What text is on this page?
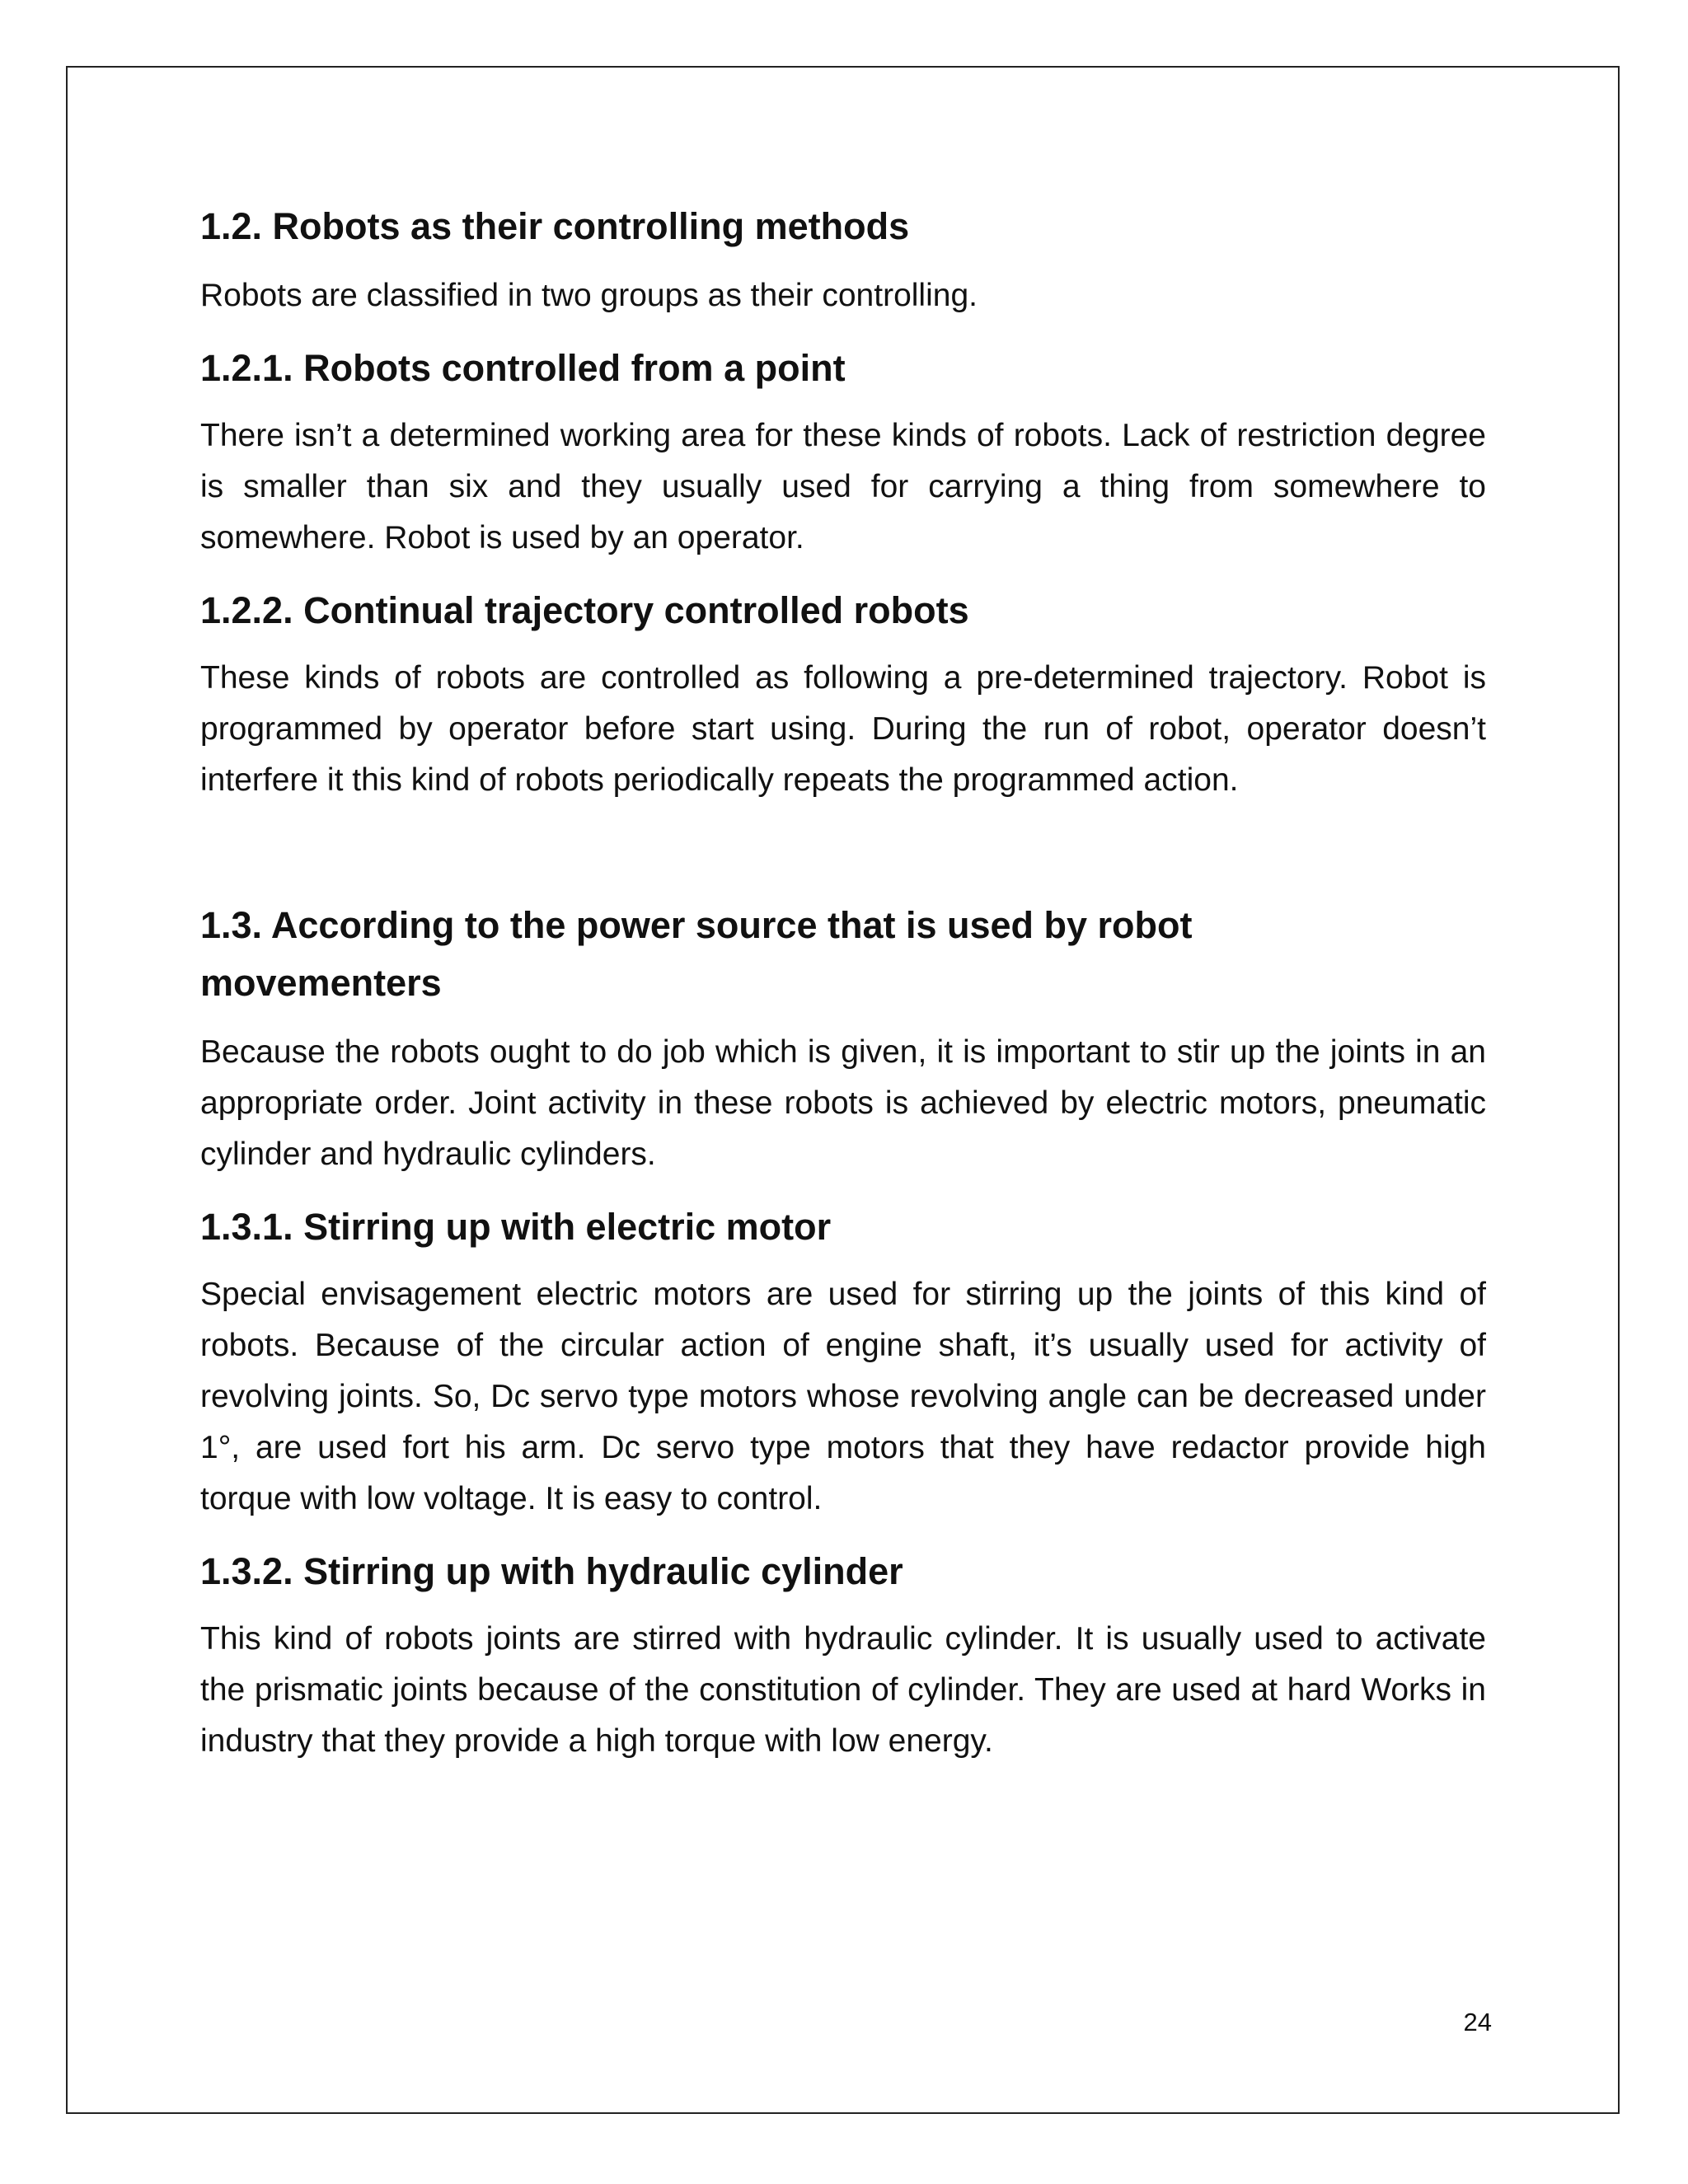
1.2. Robots as their controlling methods

Robots are classified in two groups as their controlling.

1.2.1. Robots controlled from a point

There isn’t a determined working area for these kinds of robots. Lack of restriction degree is smaller than six and they usually used for carrying a thing from somewhere to somewhere. Robot is used by an operator.

1.2.2. Continual trajectory controlled robots

These kinds of robots are controlled as following a pre-determined trajectory. Robot is programmed by operator before start using. During the run of robot, operator doesn’t interfere it this kind of robots periodically repeats the programmed action.

1.3. According to the power source that is used by robot movementers

Because the robots ought to do job which is given, it is important to stir up the joints in an appropriate order. Joint activity in these robots is achieved by electric motors, pneumatic cylinder and hydraulic cylinders.

1.3.1. Stirring up with electric motor

Special envisagement electric motors are used for stirring up the joints of this kind of robots. Because of the circular action of engine shaft, it’s usually used for activity of revolving joints. So, Dc servo type motors whose revolving angle can be decreased under 1°, are used fort his arm. Dc servo type motors that they have redactor provide high torque with low voltage. It is easy to control.

1.3.2. Stirring up with hydraulic cylinder

This kind of robots joints are stirred with hydraulic cylinder. It is usually used to activate the prismatic joints because of the constitution of cylinder. They are used at hard Works in industry that they provide a high torque with low energy.

24
